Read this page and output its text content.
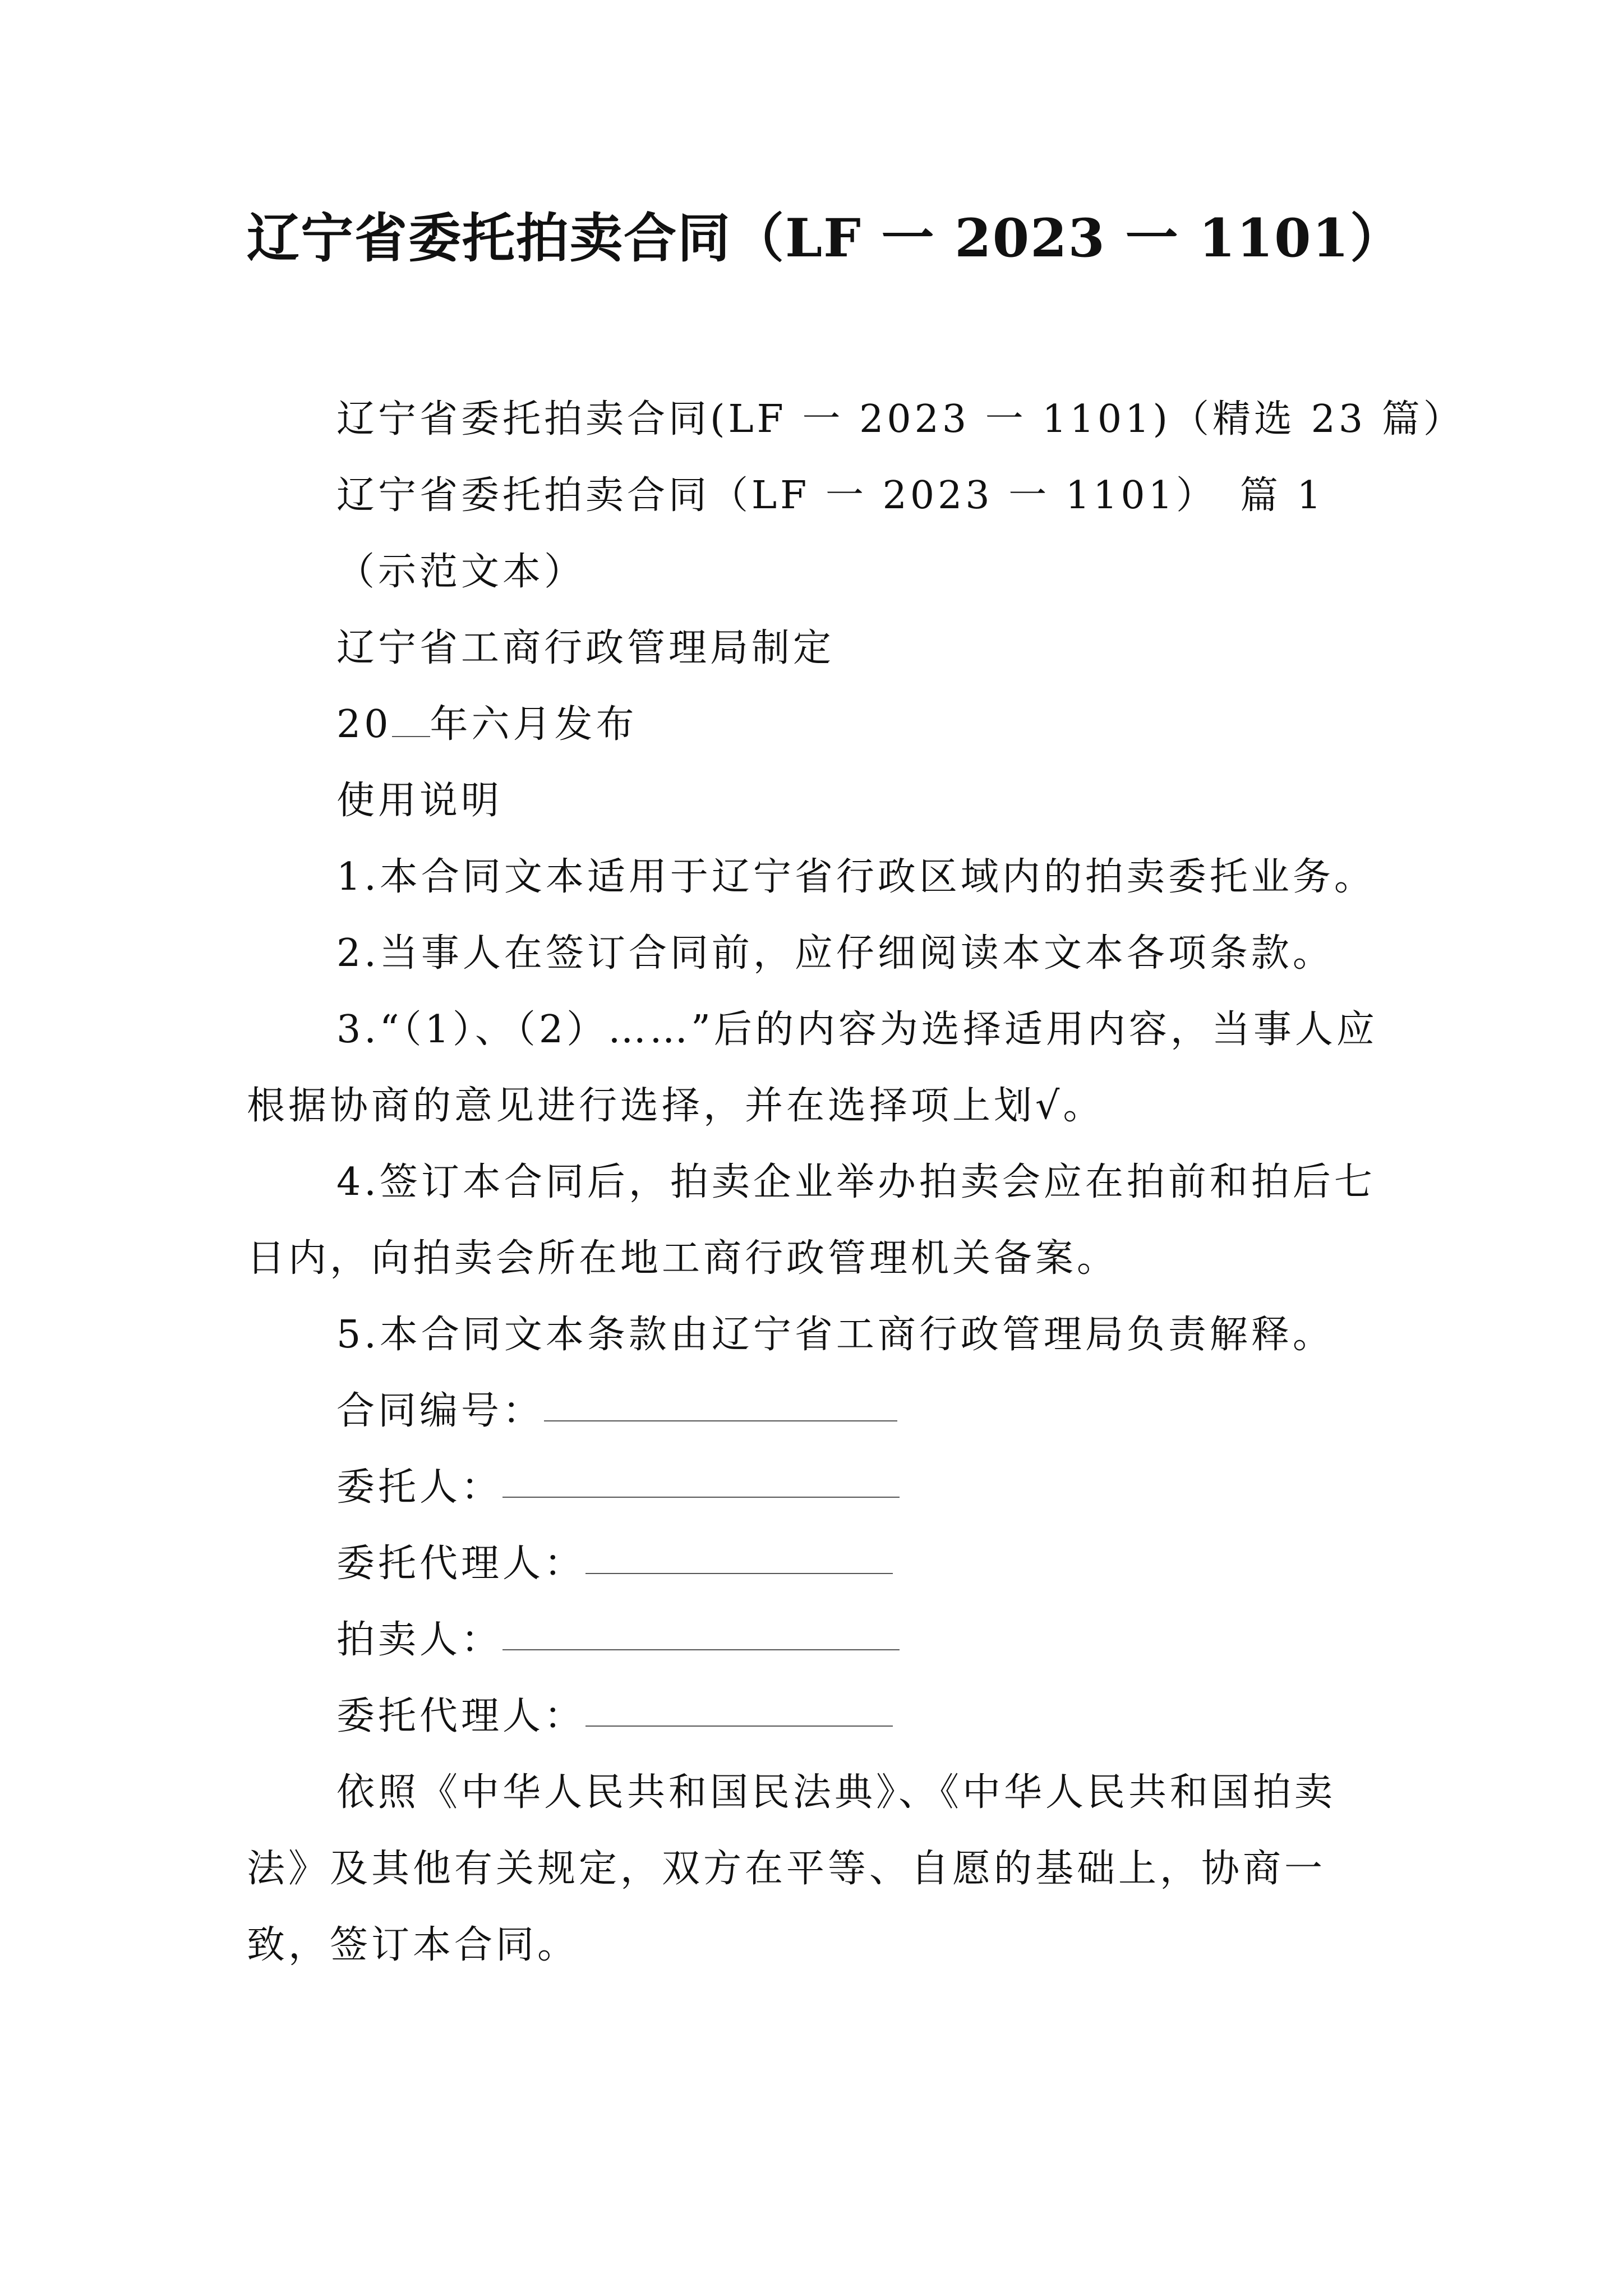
辽宁省委托拍卖合同（LF 一 2023 一 1101）

辽宁省委托拍卖合同(LF 一 2023 一 1101)（精选 23 篇）

辽宁省委托拍卖合同（LF 一 2023 一 1101）　篇 1

（示范文本）

辽宁省工商行政管理局制定

20 年六月发布

使用说明

1.本合同文本适用于辽宁省行政区域内的拍卖委托业务。

2.当事人在签订合同前，应仔细阅读本文本各项条款。

3.“（1）、（2）……”后的内容为选择适用内容，当事人应根据协商的意见进行选择，并在选择项上划√。

4.签订本合同后，拍卖企业举办拍卖会应在拍前和拍后七日内，向拍卖会所在地工商行政管理机关备案。

5.本合同文本条款由辽宁省工商行政管理局负责解释。

合同编号：
委托人：
委托代理人：
拍卖人：
委托代理人：

依照《中华人民共和国民法典》、《中华人民共和国拍卖法》及其他有关规定，双方在平等、自愿的基础上，协商一致，签订本合同。
